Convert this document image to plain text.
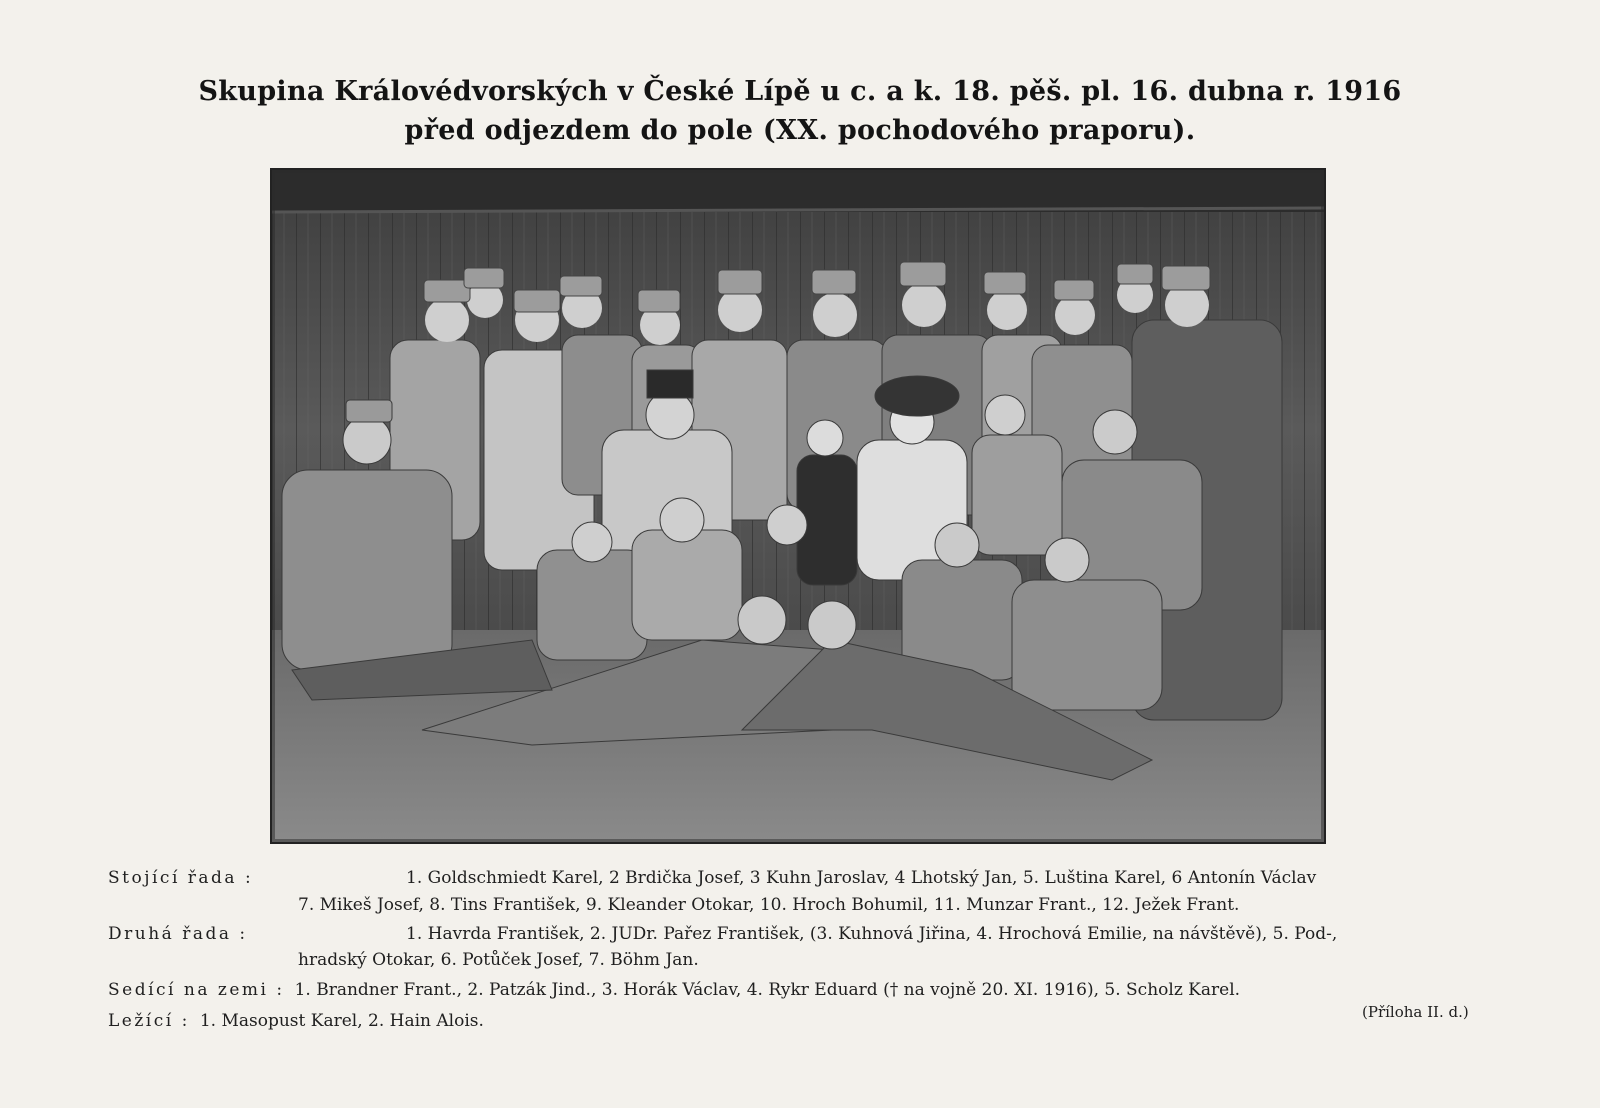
Skupina Královédvorských v České Lípě u c. a k. 18. pěš. pl. 16. dubna r. 1916
před odjezdem do pole (XX. pochodového praporu).
Stojící řada :	1. Goldschmiedt Karel, 2 Brdička Josef, 3 Kuhn Jaroslav, 4 Lhotský Jan, 5. Luština Karel, 6 Antonín Václav
7. Mikeš Josef, 8. Tins František, 9. Kleander Otokar, 10. Hroch Bohumil, 11. Munzar Frant., 12. Ježek Frant.
Druhá řada :	1. Havrda František, 2. JUDr. Pařez František, (3. Kuhnová Jiřina, 4. Hrochová Emilie, na návštěvě), 5. Pod-,
hradský Otokar, 6. Potůček Josef, 7. Böhm Jan.
Sedící na zemi : 1. Brandner Frant., 2. Patzák Jind., 3. Horák Václav, 4. Rykr Eduard († na vojně 20. XI. 1916), 5. Scholz Karel.
(Příloha II. d.)
Ležící : 1. Masopust Karel, 2. Hain Alois.
